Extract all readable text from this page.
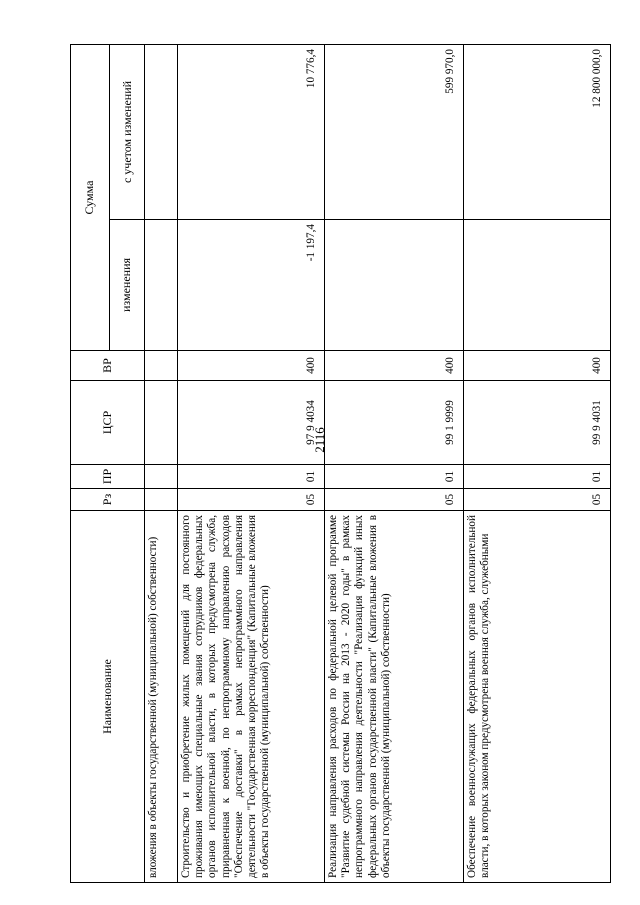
2116
Наименование	Рз	ПР	ЦСР	ВР	Сумма	
					изменения	с учетом изменений
вложения в объекты государственной (муниципальной) собственности)						
Строительство и приобретение жилых помещений для постоянного проживания имеющих специальные звания сотрудников федеральных органов исполнительной власти, в которых предусмотрена служба, приравненная к военной, по непрограммному направлению расходов "Обеспечение доставки" в рамках непрограммного направления деятельности "Государственная корреспонденция" (Капитальные вложения в объекты государственной (муниципальной) собственности)	05	01	97 9 4034	400	-1 197,4	10 776,4
Реализация направления расходов по федеральной целевой программе "Развитие судебной системы России на 2013 - 2020 годы" в рамках непрограммного направления деятельности "Реализация функций иных федеральных органов государственной власти" (Капитальные вложения в объекты государственной (муниципальной) собственности)	05	01	99 1 9999	400		599 970,0
Обеспечение военнослужащих федеральных органов исполнительной власти, в которых законом предусмотрена военная служба, служебными	05	01	99 9 4031	400		12 800 000,0
